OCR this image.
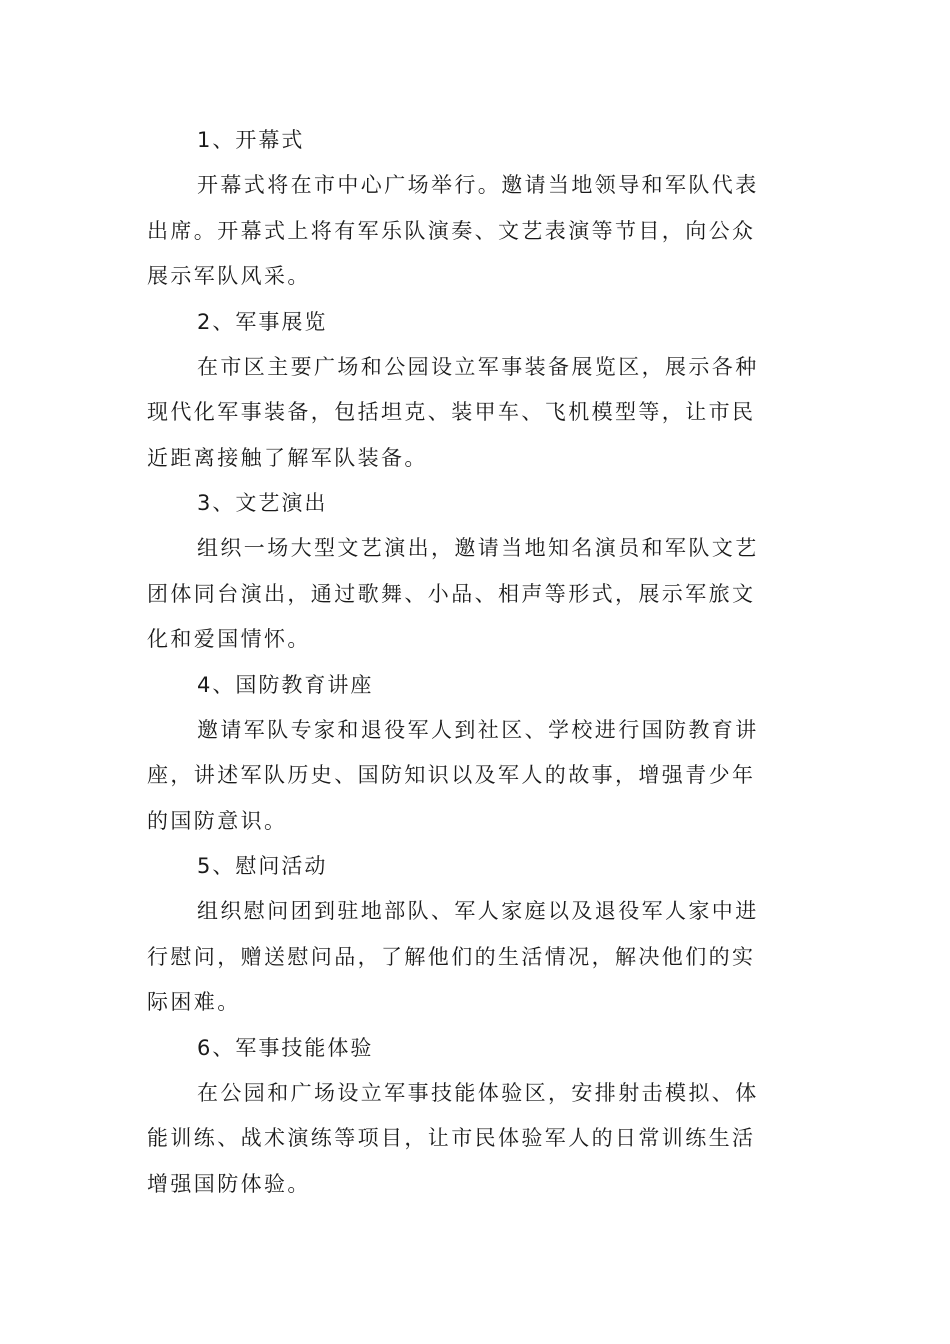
1、开幕式
开幕式将在市中心广场举行。邀请当地领导和军队代表
出席。开幕式上将有军乐队演奏、文艺表演等节目，向公众
展示军队风采。
2、军事展览
在市区主要广场和公园设立军事装备展览区，展示各种
现代化军事装备，包括坦克、装甲车、飞机模型等，让市民
近距离接触了解军队装备。
3、文艺演出
组织一场大型文艺演出，邀请当地知名演员和军队文艺
团体同台演出，通过歌舞、小品、相声等形式，展示军旅文
化和爱国情怀。
4、国防教育讲座
邀请军队专家和退役军人到社区、学校进行国防教育讲
座，讲述军队历史、国防知识以及军人的故事，增强青少年
的国防意识。
5、慰问活动
组织慰问团到驻地部队、军人家庭以及退役军人家中进
行慰问，赠送慰问品，了解他们的生活情况，解决他们的实
际困难。
6、军事技能体验
在公园和广场设立军事技能体验区，安排射击模拟、体
能训练、战术演练等项目，让市民体验军人的日常训练生活
增强国防体验。
